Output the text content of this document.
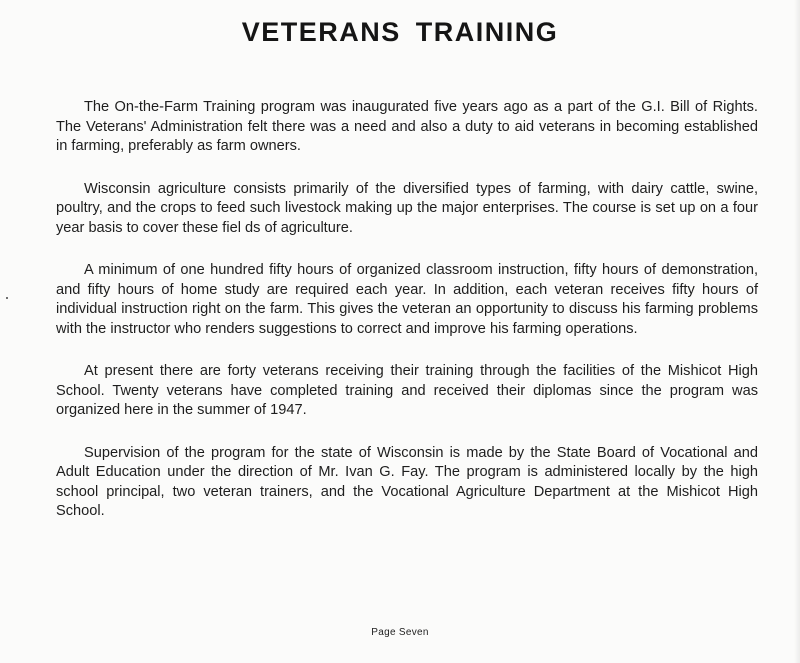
VETERANS TRAINING

The On-the-Farm Training program was inaugurated five years ago as a part of the G.I. Bill of Rights. The Veterans' Administration felt there was a need and also a duty to aid veterans in becoming established in farming, preferably as farm owners.

Wisconsin agriculture consists primarily of the diversified types of farming, with dairy cattle, swine, poultry, and the crops to feed such livestock making up the major enterprises. The course is set up on a four year basis to cover these fiel ds of agriculture.

A minimum of one hundred fifty hours of organized classroom instruction, fifty hours of demonstration, and fifty hours of home study are required each year. In addition, each veteran receives fifty hours of individual instruction right on the farm. This gives the veteran an opportunity to discuss his farming problems with the instructor who renders suggestions to correct and improve his farming operations.

At present there are forty veterans receiving their training through the facilities of the Mishicot High School. Twenty veterans have completed training and received their diplomas since the program was organized here in the summer of 1947.

Supervision of the program for the state of Wisconsin is made by the State Board of Vocational and Adult Education under the direction of Mr. Ivan G. Fay. The program is administered locally by the high school principal, two veteran trainers, and the Vocational Agriculture Department at the Mishicot High School.

Page Seven
